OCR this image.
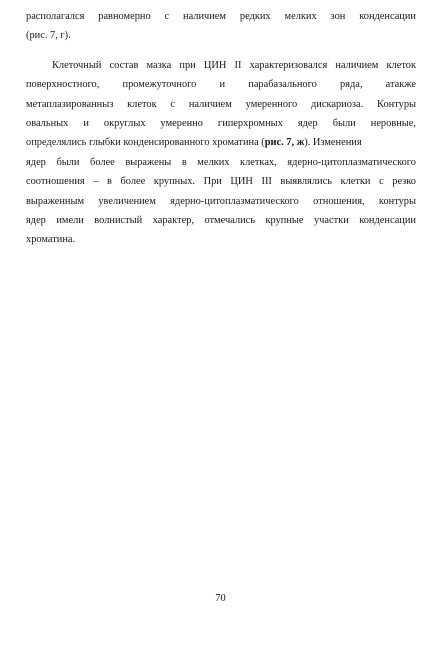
располагался равномерно с наличием редких мелких зон конденсации
(рис. 7, г).

Клеточный состав мазка при ЦИН II характеризовался наличием клеток
поверхностного, промежуточного и парабазального ряда, атакже
метаплазированныз клеток с наличием умеренного дискариоза. Контуры
овальных и округлых умеренно гиперхромных ядер были неровные,
определялись глыбки конденсированного хроматина (рис. 7, ж). Изменения
ядер были более выражены в мелких клетках, ядерно-цитоплазматического
соотношения – в более крупных. При ЦИН III выявлялись клетки с резко
выраженным увеличением ядерно-цитоплазматического отношения, контуры
ядер имели волнистый характер, отмечались крупные участки конденсации
хроматина.

70
